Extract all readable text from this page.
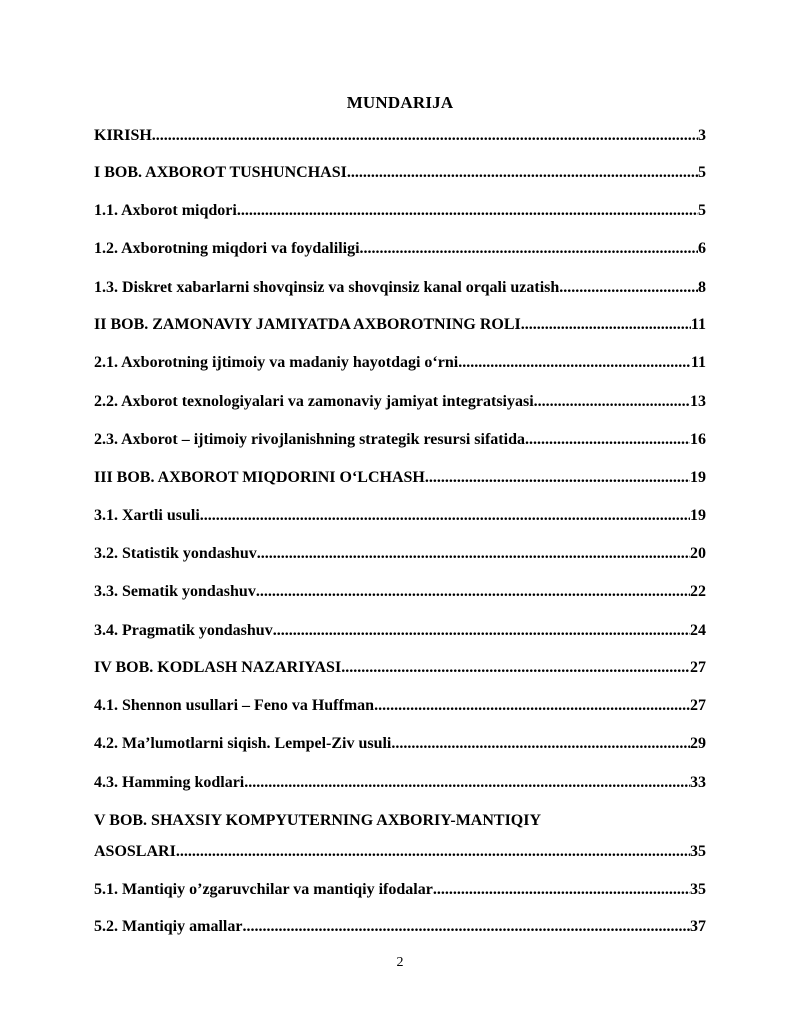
MUNDARIJA
KIRISH .....	3
I BOB. AXBOROT TUSHUNCHASI .....	5
1.1. Axborot miqdori .....	5
1.2. Axborotning miqdori va foydaliligi .....	6
1.3. Diskret xabarlarni shovqinsiz va shovqinsiz kanal orqali uzatish .....	8
II BOB. ZAMONAVIY JAMIYATDA AXBOROTNING ROLI .....	11
2.1. Axborotning ijtimoiy va madaniy hayotdagi o‘rni .....	11
2.2. Axborot texnologiyalari va zamonaviy jamiyat integratsiyasi .....	13
2.3. Axborot – ijtimoiy rivojlanishning strategik resursi sifatida .....	16
III BOB. AXBOROT MIQDORINI O‘LCHASH .....	19
3.1. Xartli usuli .....	19
3.2. Statistik yondashuv .....	20
3.3. Sematik yondashuv .....	22
3.4. Pragmatik yondashuv .....	24
IV BOB. KODLASH NAZARIYASI .....	27
4.1. Shennon usullari – Feno va Huffman .....	27
4.2. Ma’lumotlarni siqish. Lempel-Ziv usuli .....	29
4.3. Hamming kodlari .....	33
V BOB. SHAXSIY KOMPYUTERNING AXBORIY-MANTIQIY
ASOSLARI .....	35
5.1. Mantiqiy o’zgaruvchilar va mantiqiy ifodalar .....	35
5.2. Mantiqiy amallar .....	37
2
